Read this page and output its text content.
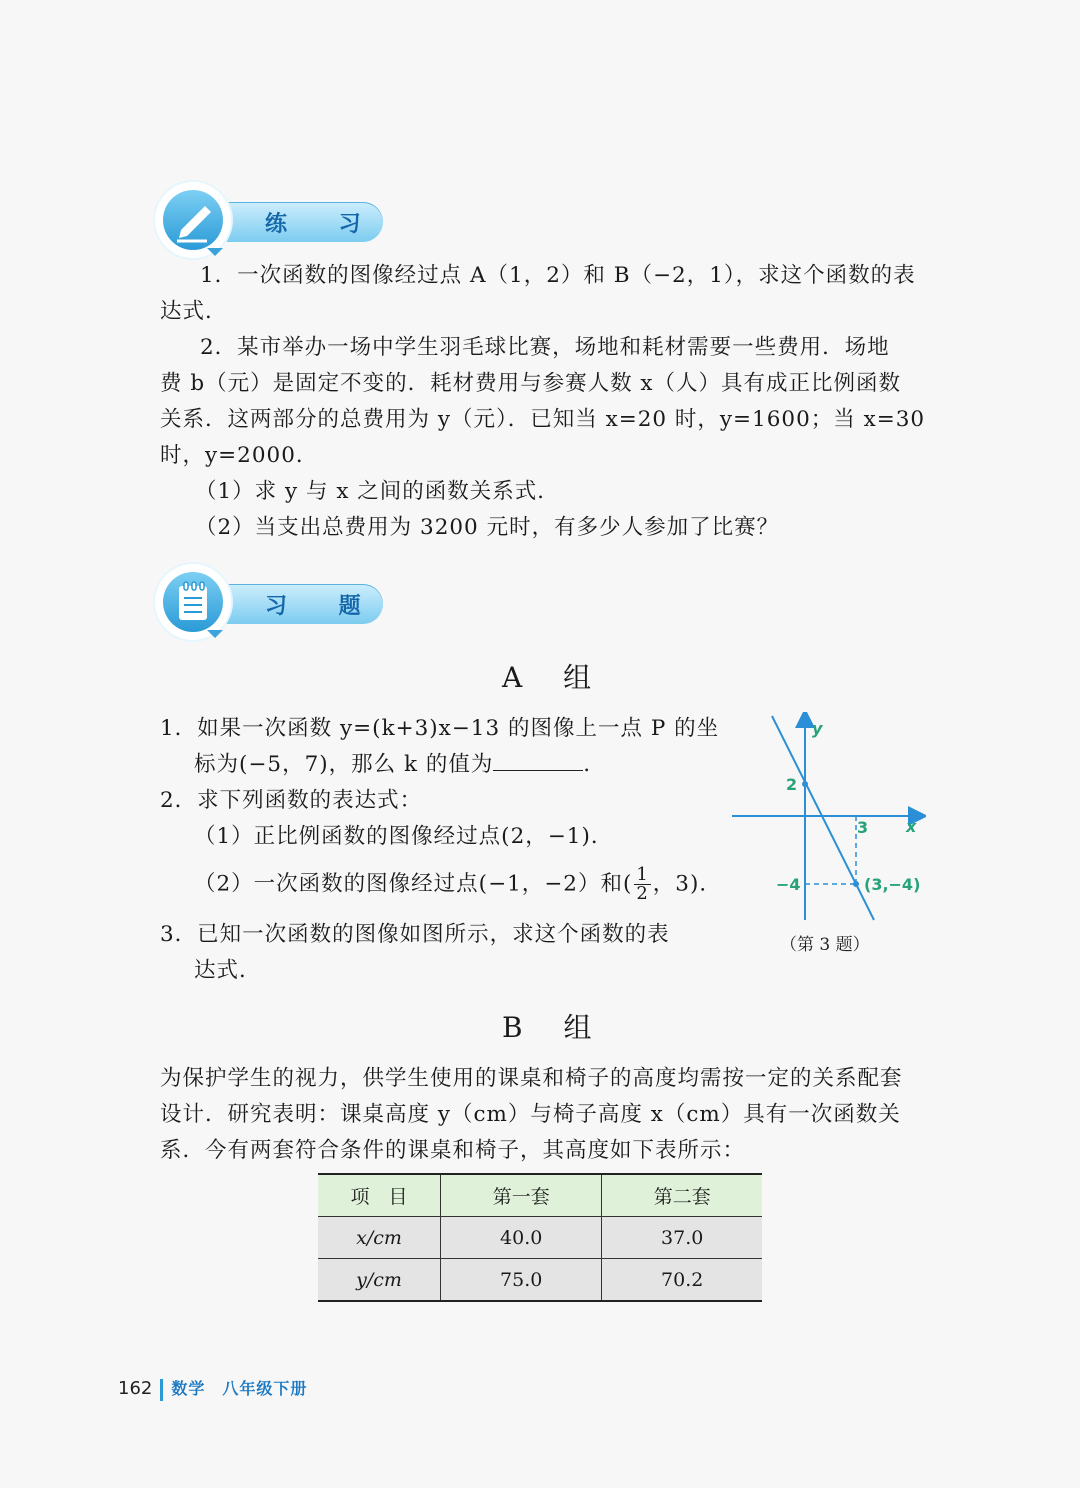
练 习
1．一次函数的图像经过点 A（1，2）和 B（−2，1），求这个函数的表
达式．
2．某市举办一场中学生羽毛球比赛，场地和耗材需要一些费用．场地
费 b（元）是固定不变的．耗材费用与参赛人数 x（人）具有成正比例函数
关系．这两部分的总费用为 y（元）．已知当 x=20 时，y=1600；当 x=30
时，y=2000．
（1）求 y 与 x 之间的函数关系式．
（2）当支出总费用为 3200 元时，有多少人参加了比赛？
习 题
A 组
1．如果一次函数 y=(k+3)x−13 的图像上一点 P 的坐
标为(−5，7)，那么 k 的值为	．
2．求下列函数的表达式：
（1）正比例函数的图像经过点(2，−1)．
（2）一次函数的图像经过点(−1，−2）和( $\frac{1}{2}$ ，3)．
3．已知一次函数的图像如图所示，求这个函数的表
达式．
y
x
2
3
−4	(3,−4)
（第 3 题）
B 组
为保护学生的视力，供学生使用的课桌和椅子的高度均需按一定的关系配套
设计．研究表明：课桌高度 y（cm）与椅子高度 x（cm）具有一次函数关
系．今有两套符合条件的课桌和椅子，其高度如下表所示：
项　目	第一套	第二套
x/cm	40.0	37.0
y/cm	75.0	70.2
162 数学　八年级下册
